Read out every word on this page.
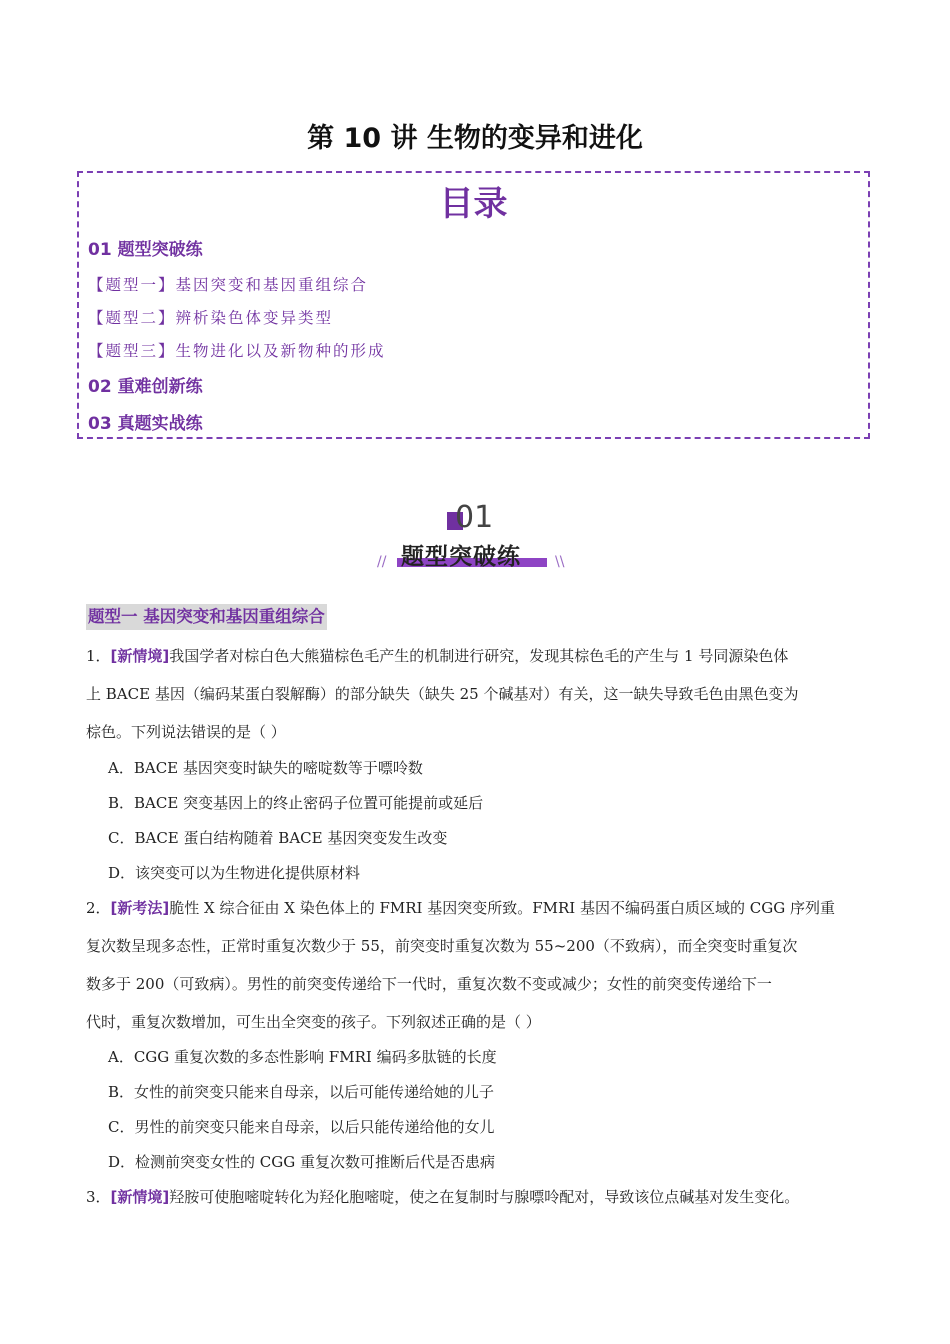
第 10 讲 生物的变异和进化
目录
01 题型突破练
【题型一】基因突变和基因重组综合
【题型二】辨析染色体变异类型
【题型三】生物进化以及新物种的形成
02 重难创新练
03 真题实战练
01
题型突破练
//	\\
题型一 基因突变和基因重组综合
1．[新情境]我国学者对棕白色大熊猫棕色毛产生的机制进行研究，发现其棕色毛的产生与 1 号同源染色体
上 BACE 基因（编码某蛋白裂解酶）的部分缺失（缺失 25 个碱基对）有关，这一缺失导致毛色由黑色变为
棕色。下列说法错误的是（ ）
A．BACE 基因突变时缺失的嘧啶数等于嘌呤数
B．BACE 突变基因上的终止密码子位置可能提前或延后
C．BACE 蛋白结构随着 BACE 基因突变发生改变
D．该突变可以为生物进化提供原材料
2．[新考法]脆性 X 综合征由 X 染色体上的 FMRI 基因突变所致。FMRI 基因不编码蛋白质区域的 CGG 序列重
复次数呈现多态性，正常时重复次数少于 55，前突变时重复次数为 55~200（不致病），而全突变时重复次
数多于 200（可致病）。男性的前突变传递给下一代时，重复次数不变或减少；女性的前突变传递给下一
代时，重复次数增加，可生出全突变的孩子。下列叙述正确的是（ ）
A．CGG 重复次数的多态性影响 FMRI 编码多肽链的长度
B．女性的前突变只能来自母亲，以后可能传递给她的儿子
C．男性的前突变只能来自母亲，以后只能传递给他的女儿
D．检测前突变女性的 CGG 重复次数可推断后代是否患病
3．[新情境]羟胺可使胞嘧啶转化为羟化胞嘧啶，使之在复制时与腺嘌呤配对，导致该位点碱基对发生变化。
